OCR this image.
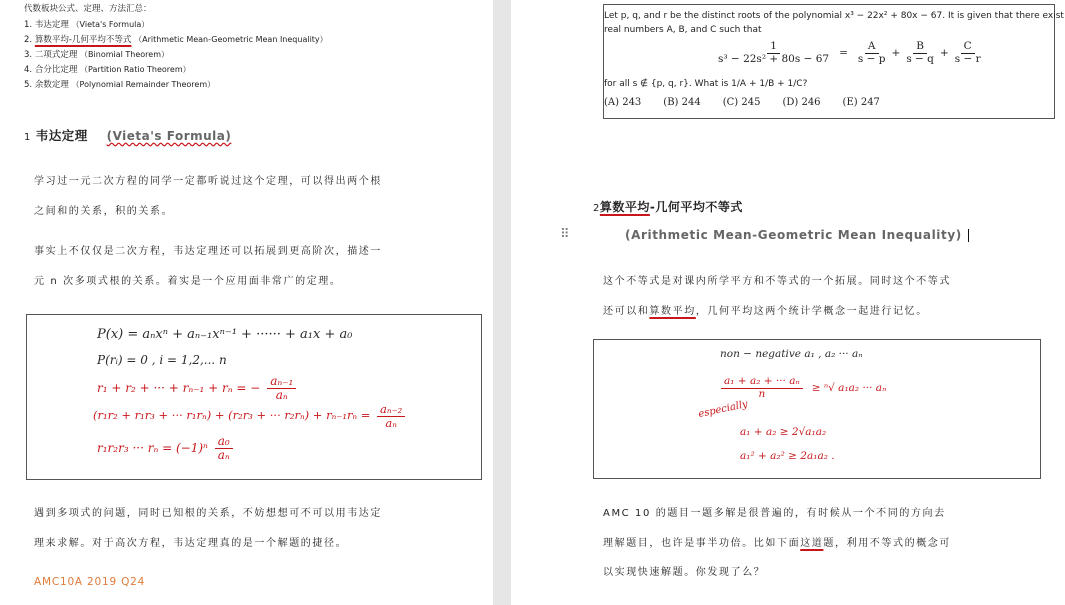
代数板块公式、定理、方法汇总：
1. 韦达定理 （Vieta's Formula）
2. 算数平均-几何平均不等式 （Arithmetic Mean-Geometric Mean Inequality）
3. 二项式定理 （Binomial Theorem）
4. 合分比定理 （Partition Ratio Theorem）
5. 余数定理 （Polynomial Remainder Theorem）
1 韦达定理 (Vieta's Formula)
学习过一元二次方程的同学一定都听说过这个定理，可以得出两个根
之间和的关系，积的关系。
事实上不仅仅是二次方程，韦达定理还可以拓展到更高阶次，描述一
元 n 次多项式根的关系。着实是一个应用面非常广的定理。
P(x) = aₙxⁿ + aₙ₋₁xⁿ⁻¹ + ······ + a₁x + a₀
P(rᵢ) = 0 , i = 1,2,... n
r₁ + r₂ + ··· + rₙ₋₁ + rₙ = − $\frac{\text{aₙ₋₁}}{\text{aₙ}}$
(r₁r₂ + r₁r₃ + ··· r₁rₙ) + (r₂r₃ + ··· $r_2r_n) + r_{n-1}r_n = \frac{\text{aₙ₋₂}}{\text{aₙ}}$
r₁r₂r₃ ··· $r_n = (-1)^n \frac{\text{a₀}}{\text{aₙ}}$
遇到多项式的问题，同时已知根的关系，不妨想想可不可以用韦达定
理来求解。对于高次方程，韦达定理真的是一个解题的捷径。
AMC10A 2019 Q24
Let p, q, and r be the distinct roots of the polynomial x³ − 22x² + 80x − 67. It is given that there exist
real numbers A, B, and C such that
$\frac{1}{\text{s³ − 22s² + 80s − 67}} = \frac{A}{s - p} + \frac{B}{s - q} + \frac{C}{s - r}$
for all s ∉ {p, q, r}. What is 1/A + 1/B + 1/C?
(A) 243 (B) 244 (C) 245 (D) 246 (E) 247
2算数平均-几何平均不等式
⠿	(Arithmetic Mean-Geometric Mean Inequality)
这个不等式是对课内所学平方和不等式的一个拓展。同时这个不等式
还可以和算数平均，几何平均这两个统计学概念一起进行记忆。
non − negative a₁ , a₂ ··· aₙ
$\frac{\text{a₁ + a₂ + ··· aₙ}}{n} \ge ^n√$ a₁a₂ ··· aₙ
especially
a₁ + a₂ ≥ 2√a₁a₂
a₁² + a₂² ≥ 2a₁a₂ .
AMC 10 的题目一题多解是很普遍的，有时候从一个不同的方向去
理解题目，也许是事半功倍。比如下面这道题，利用不等式的概念可
以实现快速解题。你发现了么？
